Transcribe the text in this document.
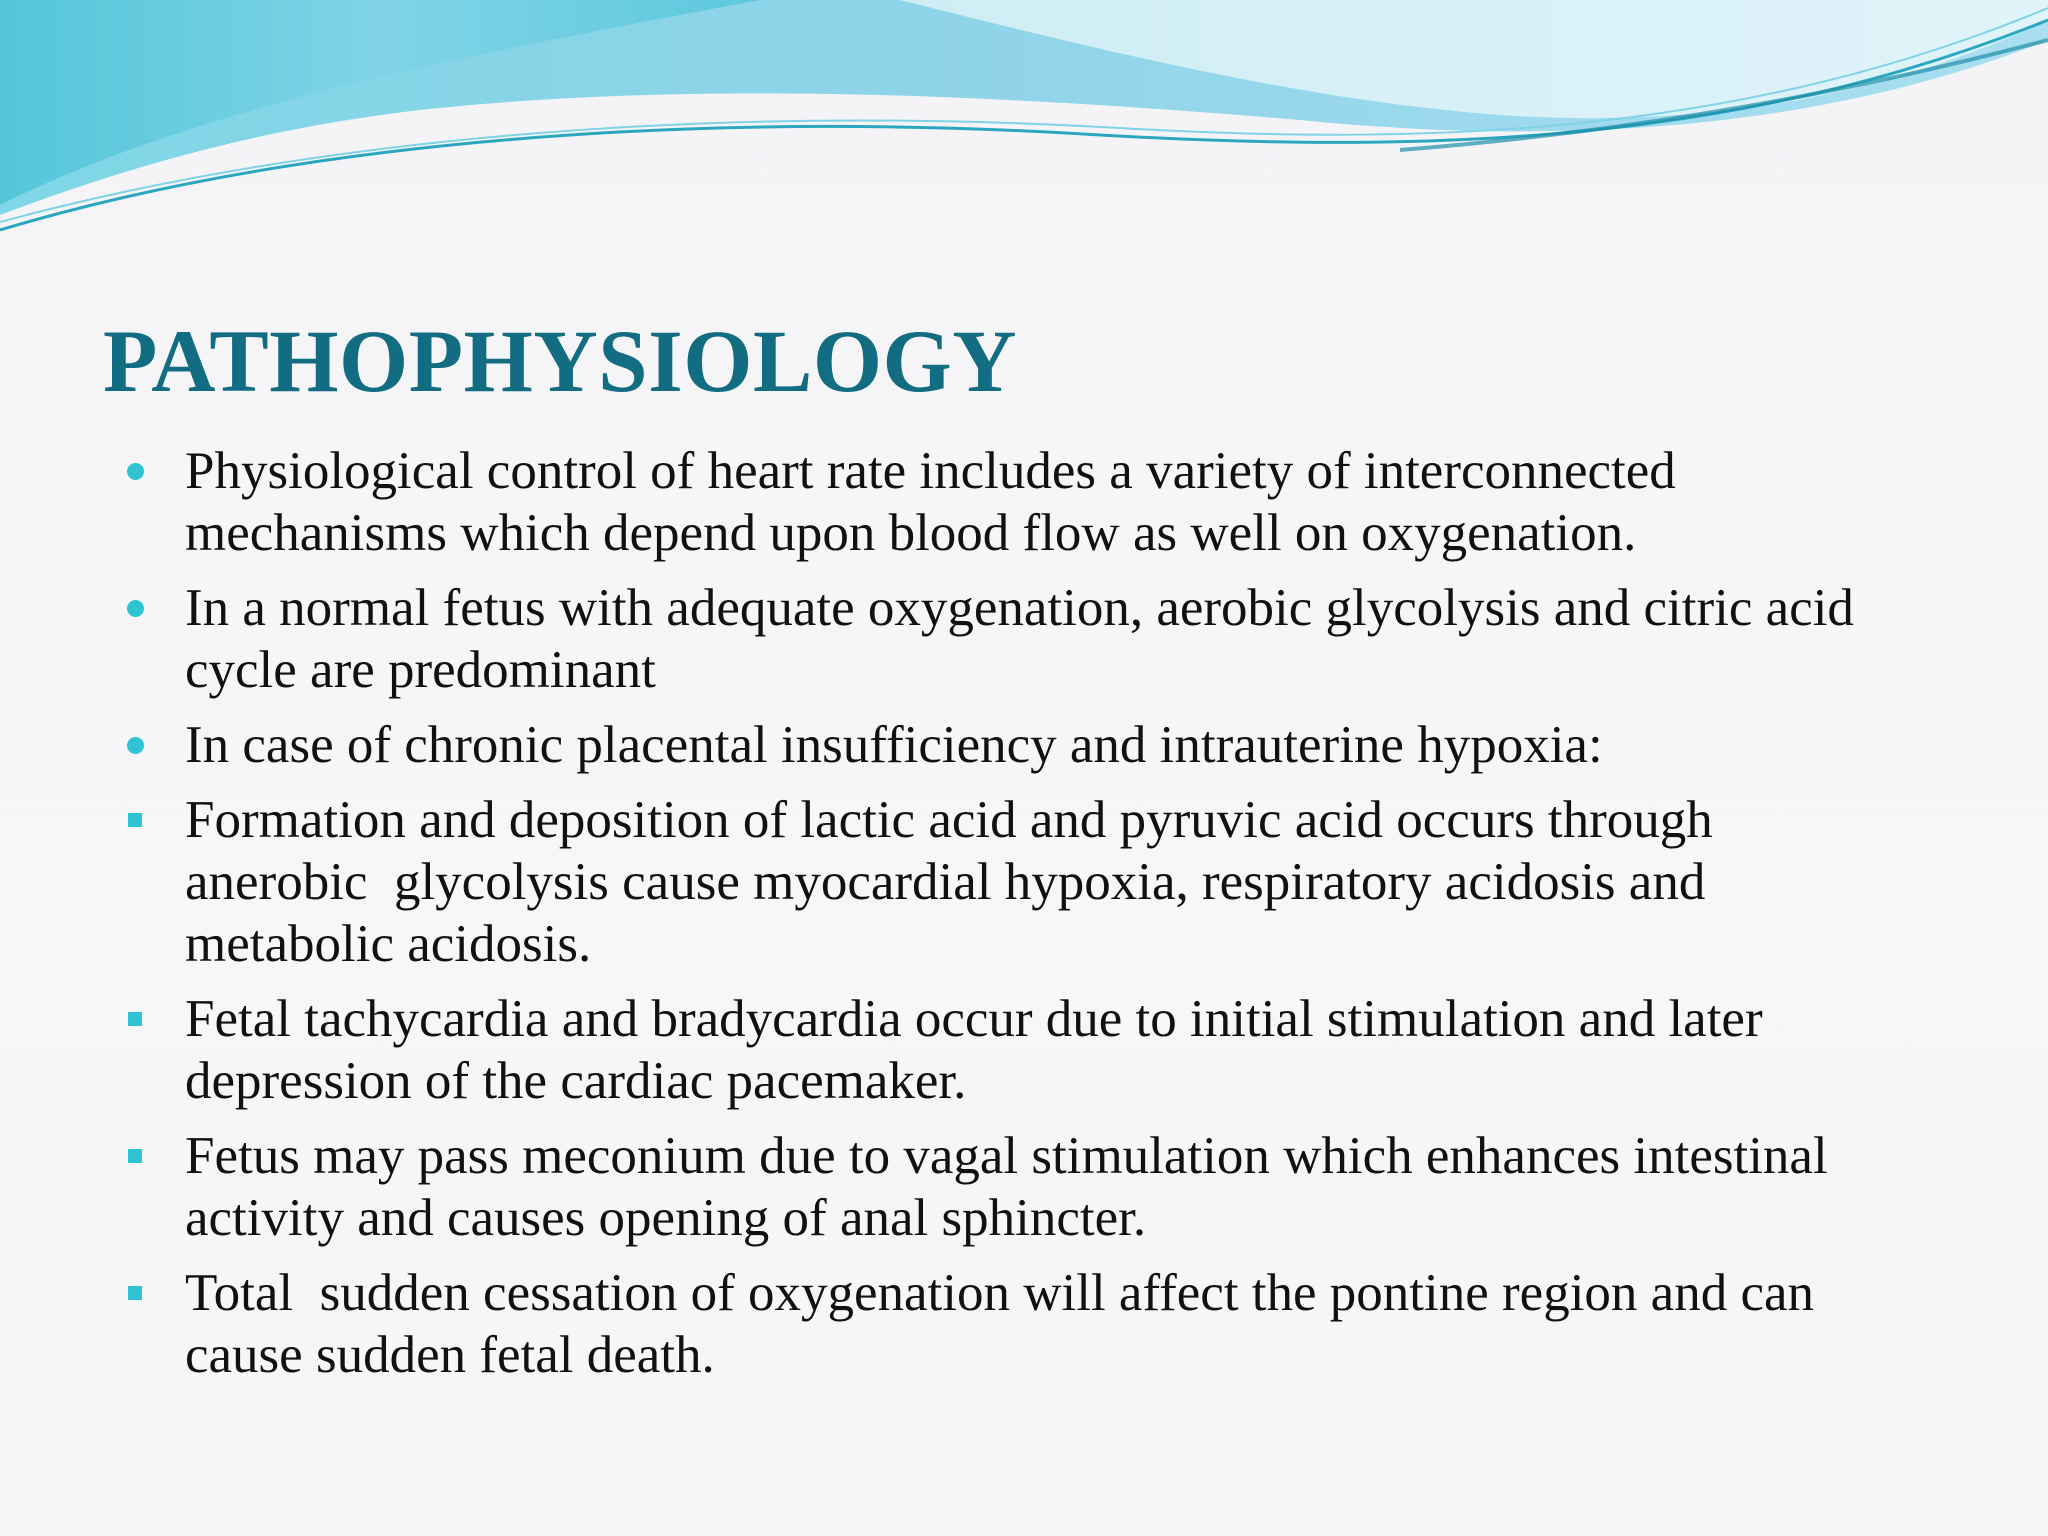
PATHOPHYSIOLOGY
Physiological control of heart rate includes a variety of interconnected mechanisms which depend upon blood flow as well on oxygenation.
In a normal fetus with adequate oxygenation, aerobic glycolysis and citric acid cycle are predominant
In case of chronic placental insufficiency and intrauterine hypoxia:
Formation and deposition of lactic acid and pyruvic acid occurs through anerobic  glycolysis cause myocardial hypoxia, respiratory acidosis and metabolic acidosis.
Fetal tachycardia and bradycardia occur due to initial stimulation and later depression of the cardiac pacemaker.
Fetus may pass meconium due to vagal stimulation which enhances intestinal activity and causes opening of anal sphincter.
Total  sudden cessation of oxygenation will affect the pontine region and can cause sudden fetal death.
